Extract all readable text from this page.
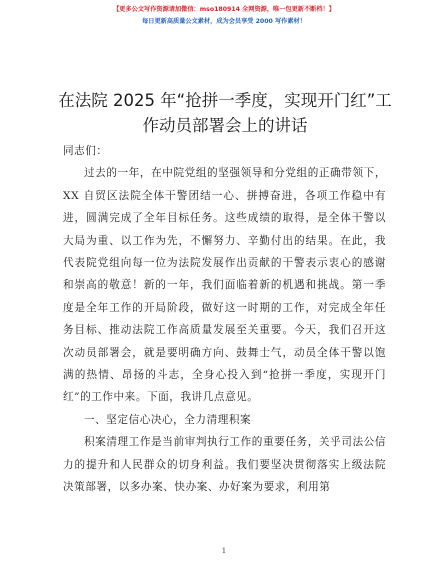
【更多公文写作资源请加微信：mso180914 全网资源，唯一包更新不断档！】
每日更新高质量公文素材，成为会员享受 2000 写作素材！
在法院 2025 年“抢拼一季度，实现开门红”工
作动员部署会上的讲话

同志们：

过去的一年，在中院党组的坚强领导和分党组的正确带领下，XX 自贸区法院全体干警团结一心、拼搏奋进，各项工作稳中有进，圆满完成了全年目标任务。这些成绩的取得，是全体干警以大局为重、以工作为先，不懈努力、辛勤付出的结果。在此，我代表院党组向每一位为法院发展作出贡献的干警表示衷心的感谢和崇高的敬意！新的一年，我们面临着新的机遇和挑战。第一季度是全年工作的开局阶段，做好这一时期的工作，对完成全年任务目标、推动法院工作高质量发展至关重要。今天，我们召开这次动员部署会，就是要明确方向、鼓舞士气，动员全体干警以饱满的热情、昂扬的斗志，全身心投入到“抢拼一季度，实现开门红”的工作中来。下面，我讲几点意见。

一、坚定信心决心，全力清理积案

积案清理工作是当前审判执行工作的重要任务，关乎司法公信力的提升和人民群众的切身利益。我们要坚决贯彻落实上级法院决策部署，以多办案、快办案、办好案为要求，利用第

1
